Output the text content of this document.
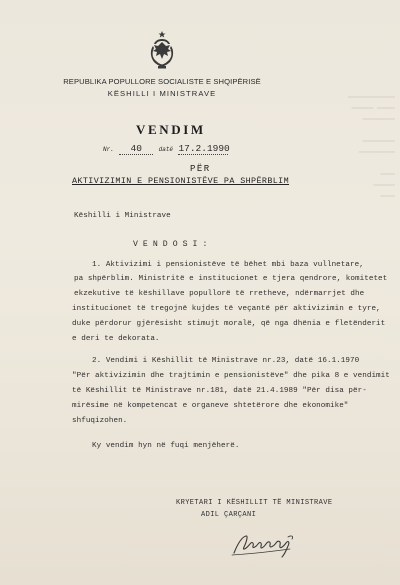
━━━━━━━━━━━━━
━━━━━ ━━━━━━
━━━━━━━━━

━━━━━━━━━
━━━━━━━━━━

━━━━
━━━━━━
━━━━
REPUBLIKA POPULLORE SOCIALISTE E SHQIPËRISË
KËSHILLI I MINISTRAVE
VENDIM
Nr. 40	datë 17.2.1990
PËR
AKTIVIZIMIN E PENSIONISTËVE PA SHPËRBLIM
Këshilli i Ministrave
V E N D O S I :
1. Aktivizimi i pensionistëve të bëhet mbi baza vullnetare,
pa shpërblim. Ministritë e institucionet e tjera qendrore, komitetet
ekzekutive të këshillave popullorë të rretheve, ndërmarrjet dhe
institucionet të tregojnë kujdes të veçantë për aktivizimin e tyre,
duke përdorur gjërësisht stimujt moralë, që nga dhënia e fletënderit
e deri te dekorata.
2. Vendimi i Këshillit të Ministrave nr.23, datë 16.1.1970
"Për aktivizimin dhe trajtimin e pensionistëve" dhe pika 8 e vendimit
të Këshillit të Ministrave nr.181, datë 21.4.1989 "Për disa për-
mirësime në kompetencat e organeve shtetërore dhe ekonomike"
shfuqizohen.
Ky vendim hyn në fuqi menjëherë.
KRYETARI I KËSHILLIT TË MINISTRAVE
ADIL ÇARÇANI
